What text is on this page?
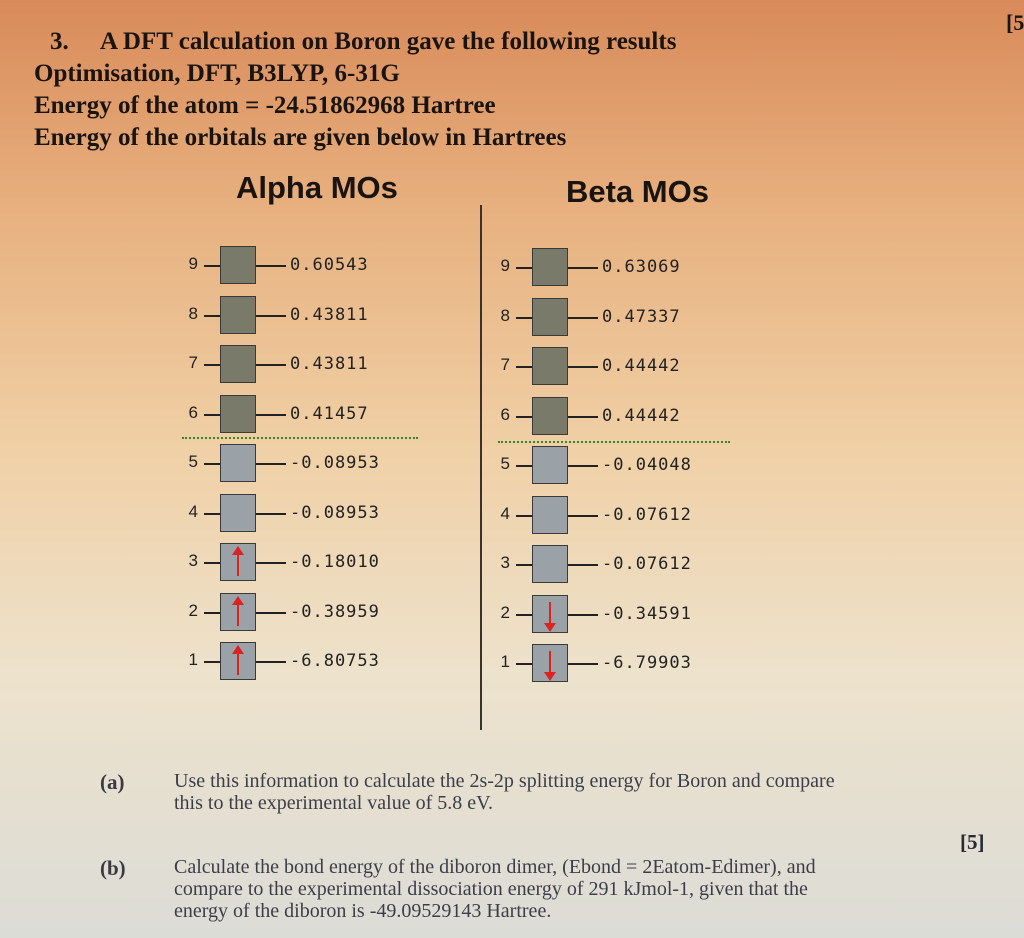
[5
3. A DFT calculation on Boron gave the following results
Optimisation, DFT, B3LYP, 6-31G
Energy of the atom = -24.51862968 Hartree
Energy of the orbitals are given below in Hartrees
Alpha MOs	Beta MOs
9	0.60543
8	0.43811
7	0.43811
6	0.41457
5	-0.08953
4	-0.08953
3	-0.18010
2	-0.38959
1	-6.80753
9	0.63069
8	0.47337
7	0.44442
6	0.44442
5	-0.04048
4	-0.07612
3	-0.07612
2	-0.34591
1	-6.79903
(a) Use this information to calculate the 2s-2p splitting energy for Boron and compare
this to the experimental value of 5.8 eV.
[5]
(b) Calculate the bond energy of the diboron dimer, (Ebond = 2Eatom-Edimer), and
compare to the experimental dissociation energy of 291 kJmol-1, given that the
energy of the diboron is -49.09529143 Hartree.
